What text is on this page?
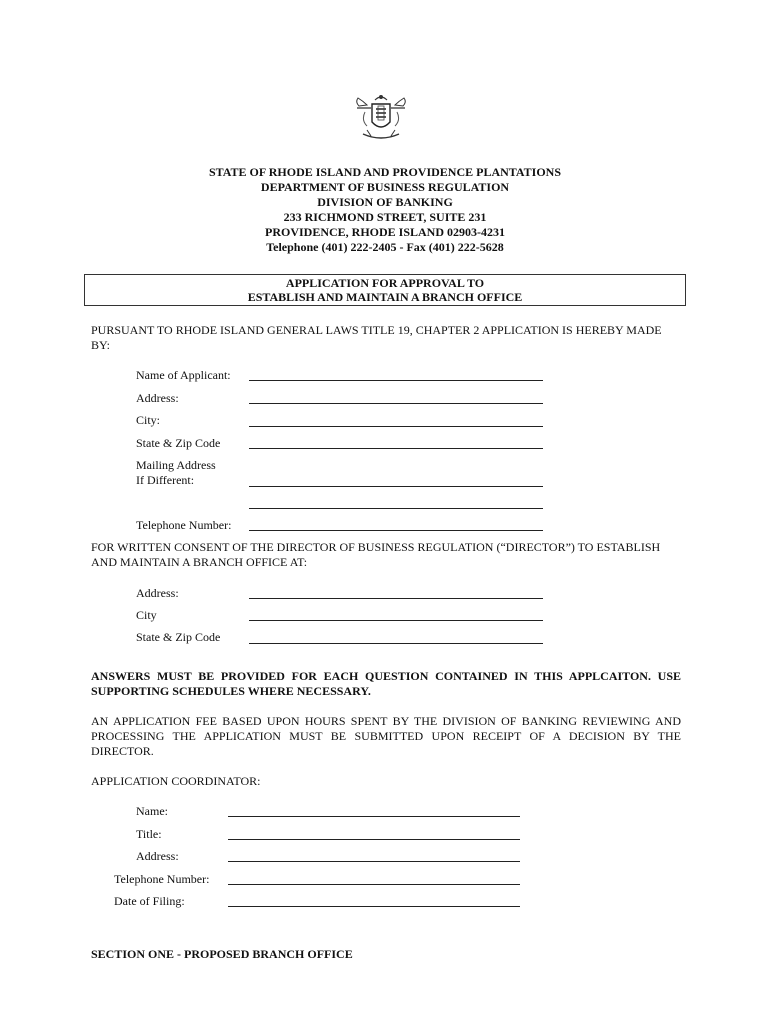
STATE OF RHODE ISLAND AND PROVIDENCE PLANTATIONS
DEPARTMENT OF BUSINESS REGULATION
DIVISION OF BANKING
233 RICHMOND STREET, SUITE 231
PROVIDENCE, RHODE ISLAND 02903-4231
Telephone (401) 222-2405 - Fax (401) 222-5628
APPLICATION FOR APPROVAL TO
ESTABLISH AND MAINTAIN A BRANCH OFFICE
PURSUANT TO RHODE ISLAND GENERAL LAWS TITLE 19, CHAPTER 2 APPLICATION IS HEREBY MADE BY:
Name of Applicant:
Address:
City:
State & Zip Code
Mailing Address
If Different:
Telephone Number:
FOR WRITTEN CONSENT OF THE DIRECTOR OF BUSINESS REGULATION (“DIRECTOR”) TO ESTABLISH AND MAINTAIN A BRANCH OFFICE AT:
Address:
City
State & Zip Code
ANSWERS MUST BE PROVIDED FOR EACH QUESTION CONTAINED IN THIS APPLCAITON. USE SUPPORTING SCHEDULES WHERE NECESSARY.
AN APPLICATION FEE BASED UPON HOURS SPENT BY THE DIVISION OF BANKING REVIEWING AND PROCESSING THE APPLICATION MUST BE SUBMITTED UPON RECEIPT OF A DECISION BY THE DIRECTOR.
APPLICATION COORDINATOR:
Name:
Title:
Address:
Telephone Number:
Date of Filing:
SECTION ONE - PROPOSED BRANCH OFFICE
